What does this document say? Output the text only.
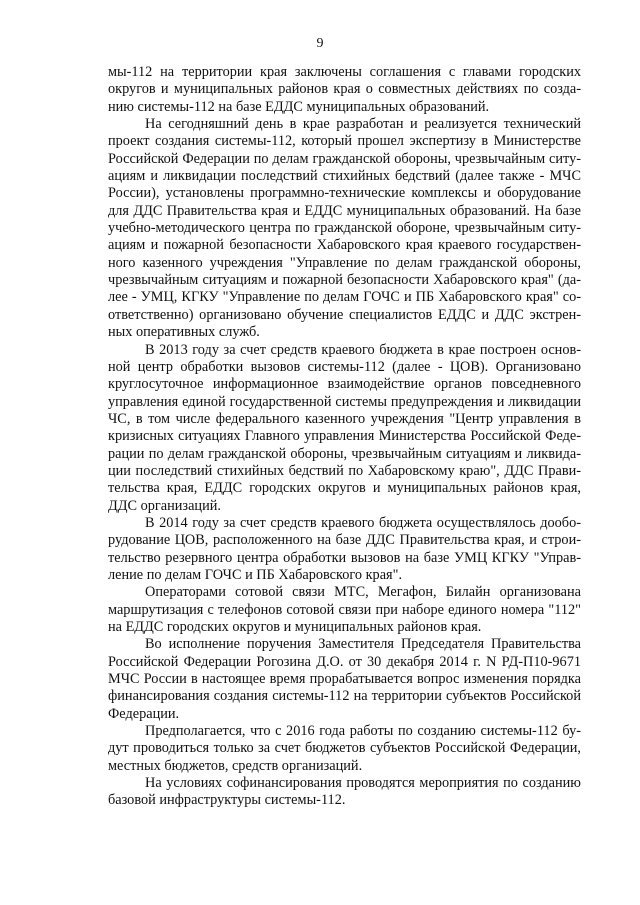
9

мы-112 на территории края заключены соглашения с главами городских округов и муниципальных районов края о совместных действиях по созданию системы-112 на базе ЕДДС муниципальных образований.

На сегодняшний день в крае разработан и реализуется технический проект создания системы-112, который прошел экспертизу в Министерстве Российской Федерации по делам гражданской обороны, чрезвычайным ситуациям и ликвидации последствий стихийных бедствий (далее также - МЧС России), установлены программно-технические комплексы и оборудование для ДДС Правительства края и ЕДДС муниципальных образований. На базе учебно-методического центра по гражданской обороне, чрезвычайным ситуациям и пожарной безопасности Хабаровского края краевого государственного казенного учреждения "Управление по делам гражданской обороны, чрезвычайным ситуациям и пожарной безопасности Хабаровского края" (далее - УМЦ, КГКУ "Управление по делам ГОЧС и ПБ Хабаровского края" соответственно) организовано обучение специалистов ЕДДС и ДДС экстренных оперативных служб.

В 2013 году за счет средств краевого бюджета в крае построен основной центр обработки вызовов системы-112 (далее - ЦОВ). Организовано круглосуточное информационное взаимодействие органов повседневного управления единой государственной системы предупреждения и ликвидации ЧС, в том числе федерального казенного учреждения "Центр управления в кризисных ситуациях Главного управления Министерства Российской Федерации по делам гражданской обороны, чрезвычайным ситуациям и ликвидации последствий стихийных бедствий по Хабаровскому краю", ДДС Правительства края, ЕДДС городских округов и муниципальных районов края, ДДС организаций.

В 2014 году за счет средств краевого бюджета осуществлялось дооборудование ЦОВ, расположенного на базе ДДС Правительства края, и строительство резервного центра обработки вызовов на базе УМЦ КГКУ "Управление по делам ГОЧС и ПБ Хабаровского края".

Операторами сотовой связи МТС, Мегафон, Билайн организована маршрутизация с телефонов сотовой связи при наборе единого номера "112" на ЕДДС городских округов и муниципальных районов края.

Во исполнение поручения Заместителя Председателя Правительства Российской Федерации Рогозина Д.О. от 30 декабря 2014 г. N РД-П10-9671 МЧС России в настоящее время прорабатывается вопрос изменения порядка финансирования создания системы-112 на территории субъектов Российской Федерации.

Предполагается, что с 2016 года работы по созданию системы-112 будут проводиться только за счет бюджетов субъектов Российской Федерации, местных бюджетов, средств организаций.

На условиях софинансирования проводятся мероприятия по созданию базовой инфраструктуры системы-112.
